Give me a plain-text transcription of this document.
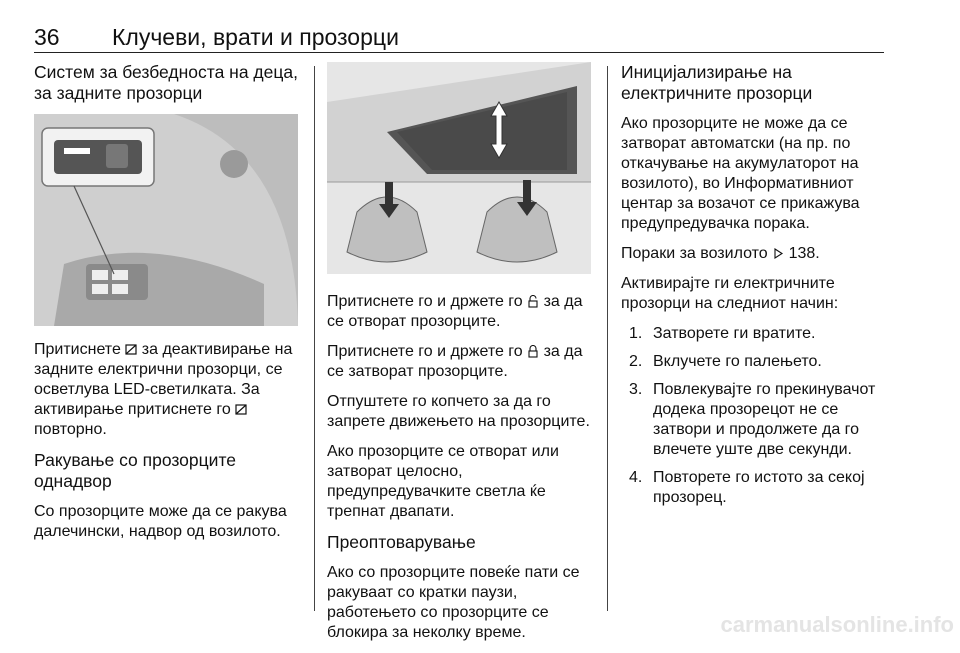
36 Клучеви, врати и прозорци
Систем за безбедноста на деца, за задните прозорци

Притиснете за деактивирање на задните електрични прозорци, се осветлува LED-светилката. За активирање притиснете го
повторно.

Ракување со прозорците однадвор

Со прозорците може да се ракува далечински, надвор од возилото.

Притиснете го и држете го за да се отворат прозорците.

Притиснете го и држете го за да се затворат прозорците.

Отпуштете го копчето за да го запрете движењето на прозорците.

Ако прозорците се отворат или затворат целосно, предупредувачките светла ќе трепнат двапати.

Преоптоварување

Ако со прозорците повеќе пати се ракуваат со кратки паузи, работењето со прозорците се блокира за неколку време.

Иницијализирање на електричните прозорци

Ако прозорците не може да се затворат автоматски (на пр. по откачување на акумулаторот на возилото), во Информативниот центар за возачот се прикажува предупредувачка порака.

Пораки за возилото 138.

Активирајте ги електричните прозорци на следниот начин:

1. Затворете ги вратите.
2. Вклучете го палењето.
3. Повлекувајте го прекинувачот додека прозорецот не се затвори и продолжете да го влечете уште две секунди.
4. Повторете го истото за секој прозорец.
carmanualsonline.info
